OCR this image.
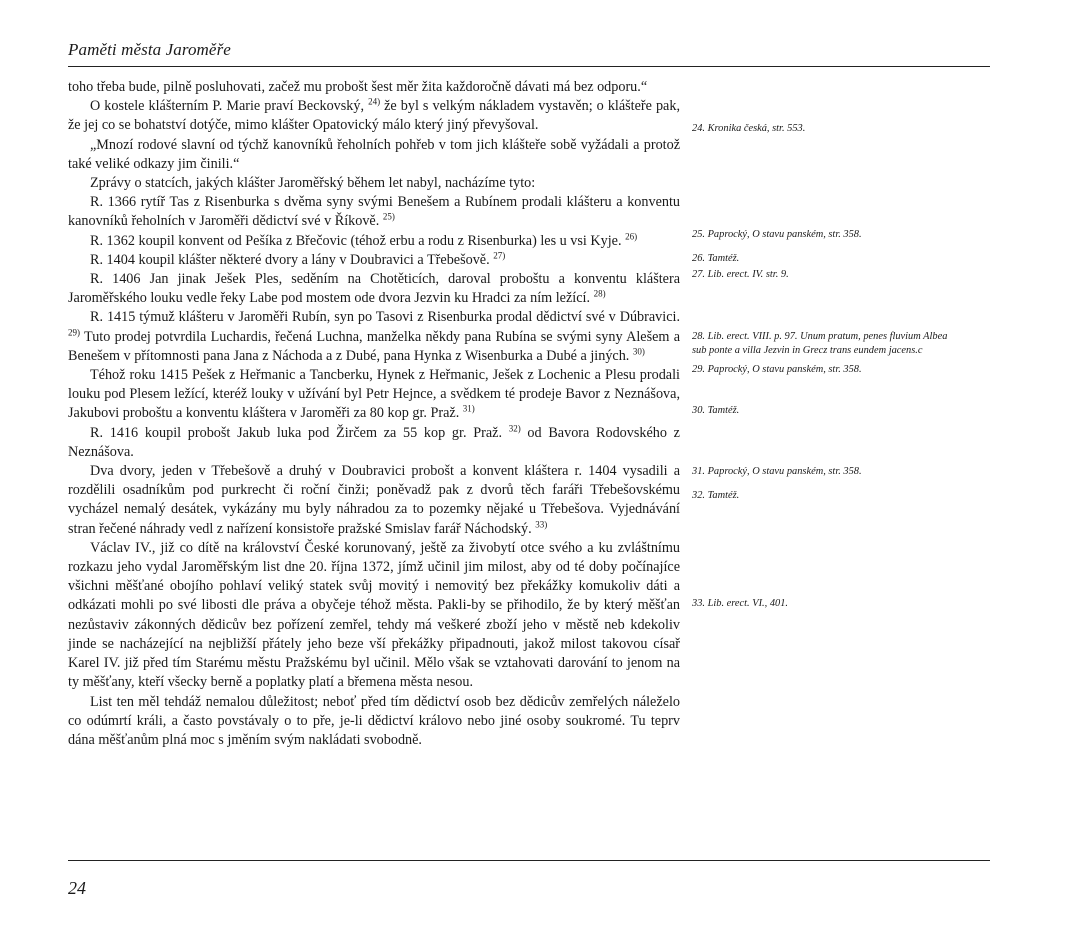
Paměti města Jaroměře

toho třeba bude, pilně posluhovati, začež mu probošt šest měr žita každoročně dávati má bez odporu.“

O kostele klášterním P. Marie praví Beckovský, $^{24)}$ že byl s velkým nákladem vystavěn; o klášteře pak, že jej co se bohatství dotýče, mimo klášter Opatovický málo který jiný převyšoval.

„Mnozí rodové slavní od týchž kanovníků řeholních pohřeb v tom jich klášteře sobě vyžádali a protož také veliké odkazy jim činili.“

Zprávy o statcích, jakých klášter Jaroměřský během let nabyl, nacházíme tyto:

R. 1366 rytíř Tas z Risenburka s dvěma syny svými Benešem a Rubínem prodali klášteru a konventu kanovníků řeholních v Jaroměři dědictví své v Říkově. $^{25)}$

R. 1362 koupil konvent od Pešíka z Břečovic (téhož erbu a rodu z Risenburka) les u vsi Kyje. $^{26)}$

R. 1404 koupil klášter některé dvory a lány v Doubravici a Třebešově. $^{27)}$

R. 1406 Jan jinak Ješek Ples, seděním na Chotěticích, daroval proboštu a konventu kláštera Jaroměřského louku vedle řeky Labe pod mostem ode dvora Jezvin ku Hradci za ním ležící. $^{28)}$

R. 1415 týmuž klášteru v Jaroměři Rubín, syn po Tasovi z Risenburka prodal dědictví své v Dúbravici. $^{29)}$ Tuto prodej potvrdila Luchardis, řečená Luchna, manželka někdy pana Rubína se svými syny Alešem a Benešem v přítomnosti pana Jana z Náchoda a z Dubé, pana Hynka z Wisenburka a Dubé a jiných. $^{30)}$

Téhož roku 1415 Pešek z Heřmanic a Tancberku, Hynek z Heřmanic, Ješek z Lochenic a Plesu prodali louku pod Plesem ležící, kteréž louky v užívání byl Petr Hejnce, a svědkem té prodeje Bavor z Neznášova, Jakubovi proboštu a konventu kláštera v Jaroměři za 80 kop gr. Praž. $^{31)}$

R. 1416 koupil probošt Jakub luka pod Žirčem za 55 kop gr. Praž. $^{32)}$ od Bavora Rodovského z Neznášova.

Dva dvory, jeden v Třebešově a druhý v Doubravici probošt a konvent kláštera r. 1404 vysadili a rozdělili osadníkům pod purkrecht či roční činži; poněvadž pak z dvorů těch faráři Třebešovskému vycházel nemalý desátek, vykázány mu byly náhradou za to pozemky nějaké u Třebešova. Vyjednávání stran řečené náhrady vedl z nařízení konsistoře pražské Smislav farář Náchodský. $^{33)}$

Václav IV., již co dítě na království České korunovaný, ještě za živobytí otce svého a ku zvláštnímu rozkazu jeho vydal Jaroměřským list dne 20. října 1372, jímž učinil jim milost, aby od té doby počínajíce všichni měšťané obojího pohlaví veliký statek svůj movitý i nemovitý bez překážky komukoliv dáti a odkázati mohli po své libosti dle práva a obyčeje téhož města. Pakli-by se přihodilo, že by který měšťan nezůstaviv zákonných dědicův bez pořízení zemřel, tehdy má veškeré zboží jeho v městě neb kdekoliv jinde se nacházející na nejbližší přátely jeho beze vší překážky připadnouti, jakož milost takovou císař Karel IV. již před tím Starému městu Pražskému byl učinil. Mělo však se vztahovati darování to jenom na ty měšťany, kteří všecky berně a poplatky platí a břemena města nesou.

List ten měl tehdáž nemalou důležitost; neboť před tím dědictví osob bez dědicův zemřelých náleželo co odúmrtí králi, a často povstávaly o to pře, je-li dědictví královo nebo jiné osoby soukromé. Tu teprv dána měšťanům plná moc s jměním svým nakládati svobodně.

24. Kronika česká, str. 553.
25. Paprocký, O stavu panském, str. 358.
26. Tamtéž.
27. Lib. erect. IV. str. 9.
28. Lib. erect. VIII. p. 97. Unum pratum, penes fluvium Albea
sub ponte a villa Jezvin in Grecz trans eundem jacens.c
29. Paprocký, O stavu panském, str. 358.
30. Tamtéž.
31. Paprocký, O stavu panském, str. 358.
32. Tamtéž.
33. Lib. erect. VI., 401.
24
